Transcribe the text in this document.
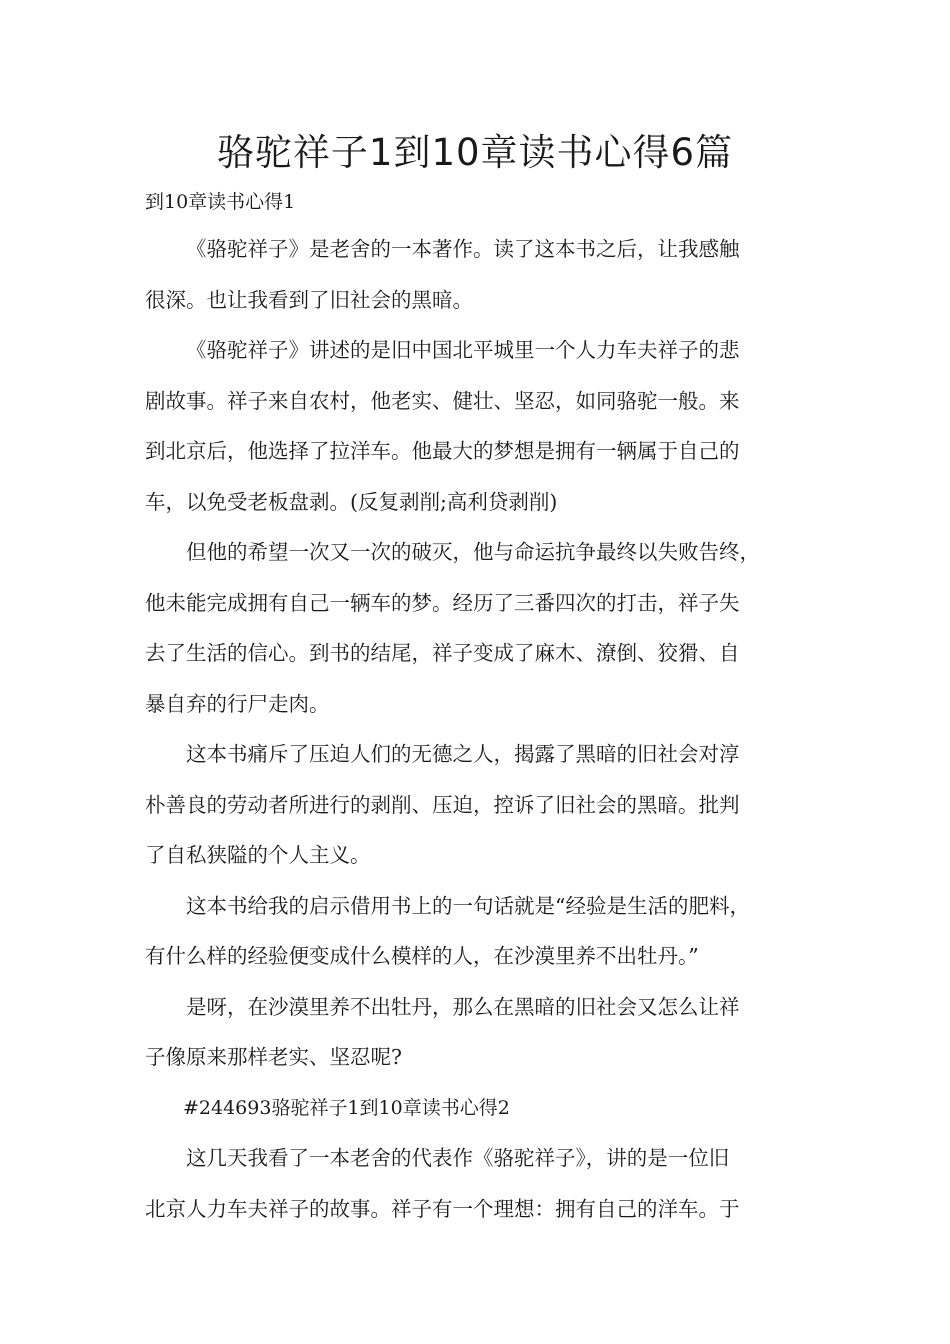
骆驼祥子1到10章读书心得6篇

到10章读书心得1

《骆驼祥子》是老舍的一本著作。读了这本书之后，让我感触
很深。也让我看到了旧社会的黑暗。
《骆驼祥子》讲述的是旧中国北平城里一个人力车夫祥子的悲
剧故事。祥子来自农村，他老实、健壮、坚忍，如同骆驼一般。来
到北京后，他选择了拉洋车。他最大的梦想是拥有一辆属于自己的
车，以免受老板盘剥。(反复剥削;高利贷剥削)
但他的希望一次又一次的破灭，他与命运抗争最终以失败告终，
他未能完成拥有自己一辆车的梦。经历了三番四次的打击，祥子失
去了生活的信心。到书的结尾，祥子变成了麻木、潦倒、狡猾、自
暴自弃的行尸走肉。
这本书痛斥了压迫人们的无德之人，揭露了黑暗的旧社会对淳
朴善良的劳动者所进行的剥削、压迫，控诉了旧社会的黑暗。批判
了自私狭隘的个人主义。
这本书给我的启示借用书上的一句话就是“经验是生活的肥料，
有什么样的经验便变成什么模样的人，在沙漠里养不出牡丹。”
是呀，在沙漠里养不出牡丹，那么在黑暗的旧社会又怎么让祥
子像原来那样老实、坚忍呢?

#244693骆驼祥子1到10章读书心得2

这几天我看了一本老舍的代表作《骆驼祥子》，讲的是一位旧
北京人力车夫祥子的故事。祥子有一个理想：拥有自己的洋车。于
